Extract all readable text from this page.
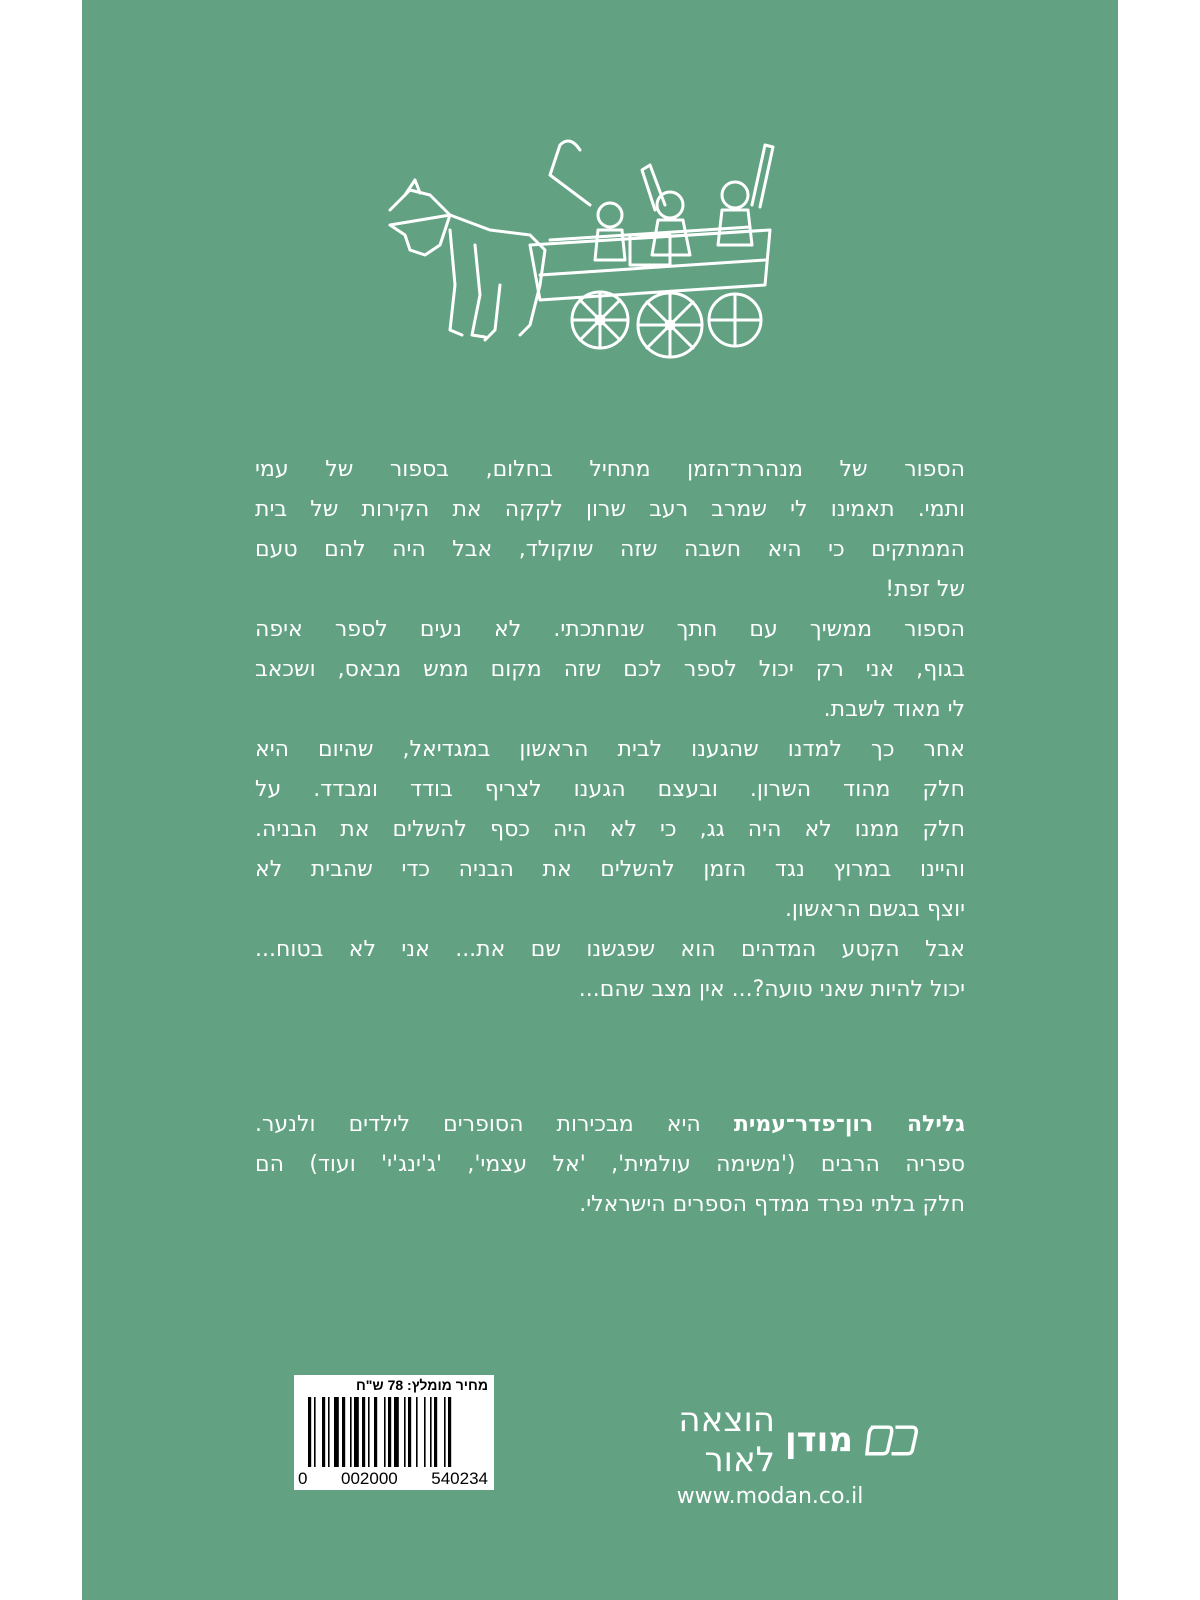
הספור של מנהרת־הזמן מתחיל בחלום, בספור של עמי
ותמי. תאמינו לי שמרב רעב שרון לקקה את הקירות של בית
הממתקים כי היא חשבה שזה שוקולד, אבל היה להם טעם
של זפת!
הספור ממשיך עם חתך שנחתכתי. לא נעים לספר איפה
בגוף, אני רק יכול לספר לכם שזה מקום ממש מבאס, ושכאב
לי מאוד לשבת.
אחר כך למדנו שהגענו לבית הראשון במגדיאל, שהיום היא
חלק מהוד השרון. ובעצם הגענו לצריף בודד ומבדד. על
חלק ממנו לא היה גג, כי לא היה כסף להשלים את הבניה.
והיינו במרוץ נגד הזמן להשלים את הבניה כדי שהבית לא
יוצף בגשם הראשון.
אבל הקטע המדהים הוא שפגשנו שם את... אני לא בטוח...
יכול להיות שאני טועה?... אין מצב שהם...
גלילה רון־פדר־עמית היא מבכירות הסופרים לילדים ולנער.
ספריה הרבים ('משימה עולמית', 'אל עצמי', 'ג'ינג'י' ועוד) הם
חלק בלתי נפרד ממדף הספרים הישראלי.
מחיר מומלץ: 78 ש"ח
0 002000 540234
מודן
הוצאה לאור
www.modan.co.il
